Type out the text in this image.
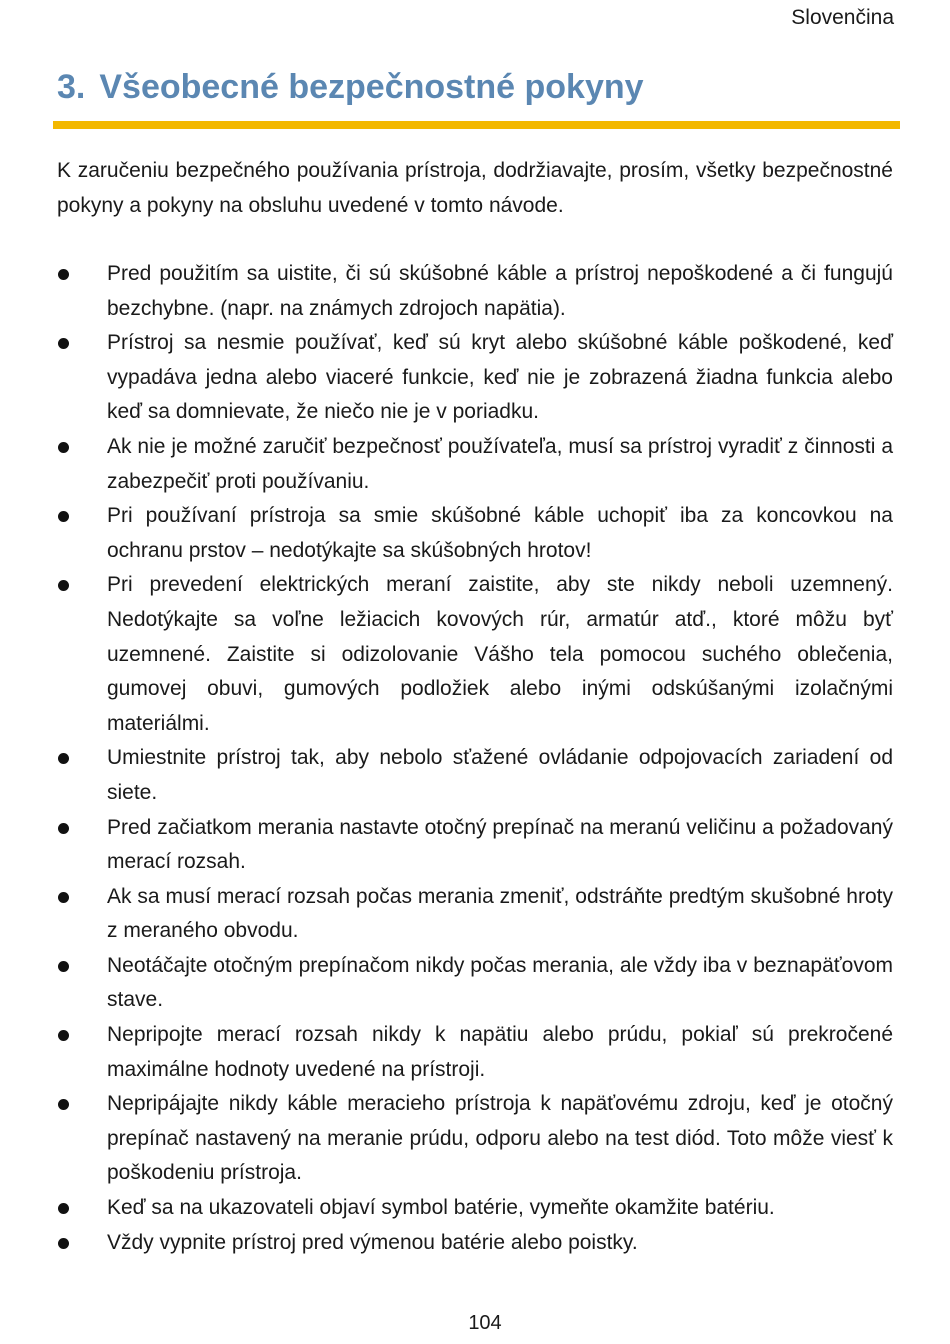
Slovenčina
3. Všeobecné bezpečnostné pokyny

K zaručeniu bezpečného používania prístroja, dodržiavajte, prosím, všetky bezpečnostné pokyny a pokyny na obsluhu uvedené v tomto návode.

Pred použitím sa uistite, či sú skúšobné káble a prístroj nepoškodené a či fungujú bezchybne. (napr. na známych zdrojoch napätia).
Prístroj sa nesmie používať, keď sú kryt alebo skúšobné káble poškodené, keď vypadáva jedna alebo viaceré funkcie, keď nie je zobrazená žiadna funkcia alebo keď sa domnievate, že niečo nie je v poriadku.
Ak nie je možné zaručiť bezpečnosť používateľa, musí sa prístroj vyradiť z činnosti a zabezpečiť proti používaniu.
Pri používaní prístroja sa smie skúšobné káble uchopiť iba za koncovkou na ochranu prstov – nedotýkajte sa skúšobných hrotov!
Pri prevedení elektrických meraní zaistite, aby ste nikdy neboli uzemnený. Nedotýkajte sa voľne ležiacich kovových rúr, armatúr atď., ktoré môžu byť uzemnené. Zaistite si odizolovanie Vášho tela pomocou suchého oblečenia, gumovej obuvi, gumových podložiek alebo inými odskúšanými izolačnými materiálmi.
Umiestnite prístroj tak, aby nebolo sťažené ovládanie odpojovacích zariadení od siete.
Pred začiatkom merania nastavte otočný prepínač na meranú veličinu a požadovaný merací rozsah.
Ak sa musí merací rozsah počas merania zmeniť, odstráňte predtým skušobné hroty z meraného obvodu.
Neotáčajte otočným prepínačom nikdy počas merania, ale vždy iba v beznapäťovom stave.
Nepripojte merací rozsah nikdy k napätiu alebo prúdu, pokiaľ sú prekročené maximálne hodnoty uvedené na prístroji.
Nepripájajte nikdy káble meracieho prístroja k napäťovému zdroju, keď je otočný prepínač nastavený na meranie prúdu, odporu alebo na test diód. Toto môže viesť k poškodeniu prístroja.
Keď sa na ukazovateli objaví symbol batérie, vymeňte okamžite batériu.
Vždy vypnite prístroj pred výmenou batérie alebo poistky.
104
